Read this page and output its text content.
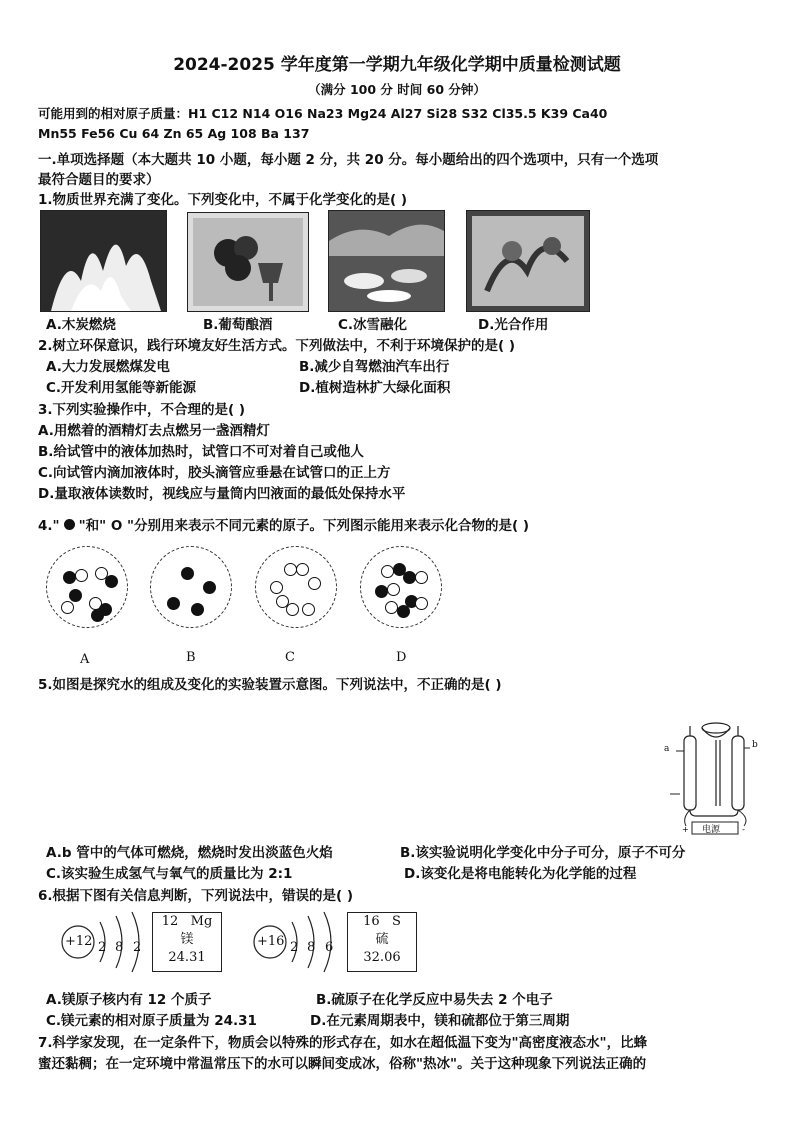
2024-2025 学年度第一学期九年级化学期中质量检测试题
（满分 100 分 时间 60 分钟）
可能用到的相对原子质量：H1 C12 N14 O16 Na23 Mg24 Al27 Si28 S32 Cl35.5 K39 Ca40
Mn55 Fe56 Cu 64 Zn 65 Ag 108 Ba 137
一.单项选择题（本大题共 10 小题，每小题 2 分，共 20 分。每小题给出的四个选项中，只有一个选项
最符合题目的要求）
1.物质世界充满了变化。下列变化中，不属于化学变化的是( )
A.木炭燃烧	B.葡萄酿酒	C.冰雪融化	D.光合作用
2.树立环保意识，践行环境友好生活方式。下列做法中，不利于环境保护的是( )
A.大力发展燃煤发电	B.减少自驾燃油汽车出行
C.开发利用氢能等新能源	D.植树造林扩大绿化面积
3.下列实验操作中，不合理的是( )
A.用燃着的酒精灯去点燃另一盏酒精灯
B.给试管中的液体加热时，试管口不可对着自己或他人
C.向试管内滴加液体时，胶头滴管应垂悬在试管口的正上方
D.量取液体读数时，视线应与量筒内凹液面的最低处保持水平
4." "和" O "分别用来表示不同元素的原子。下列图示能用来表示化合物的是( )
A	B	C	D
5.如图是探究水的组成及变化的实验装置示意图。下列说法中，不正确的是( )
+	-
a	b
电源
A.b 管中的气体可燃烧，燃烧时发出淡蓝色火焰	B.该实验说明化学变化中分子可分，原子不可分
C.该实验生成氢气与氧气的质量比为 2:1	D.该变化是将电能转化为化学能的过程
6.根据下图有关信息判断，下列说法中，错误的是( )
+12 2 8 2
12 Mg
镁
24.31
+16 2 8 6
16 S
硫
32.06
A.镁原子核内有 12 个质子	B.硫原子在化学反应中易失去 2 个电子
C.镁元素的相对原子质量为 24.31	D.在元素周期表中，镁和硫都位于第三周期
7.科学家发现，在一定条件下，物质会以特殊的形式存在，如水在超低温下变为"高密度液态水"，比蜂
蜜还黏稠；在一定环境中常温常压下的水可以瞬间变成冰，俗称"热冰"。关于这种现象下列说法正确的
